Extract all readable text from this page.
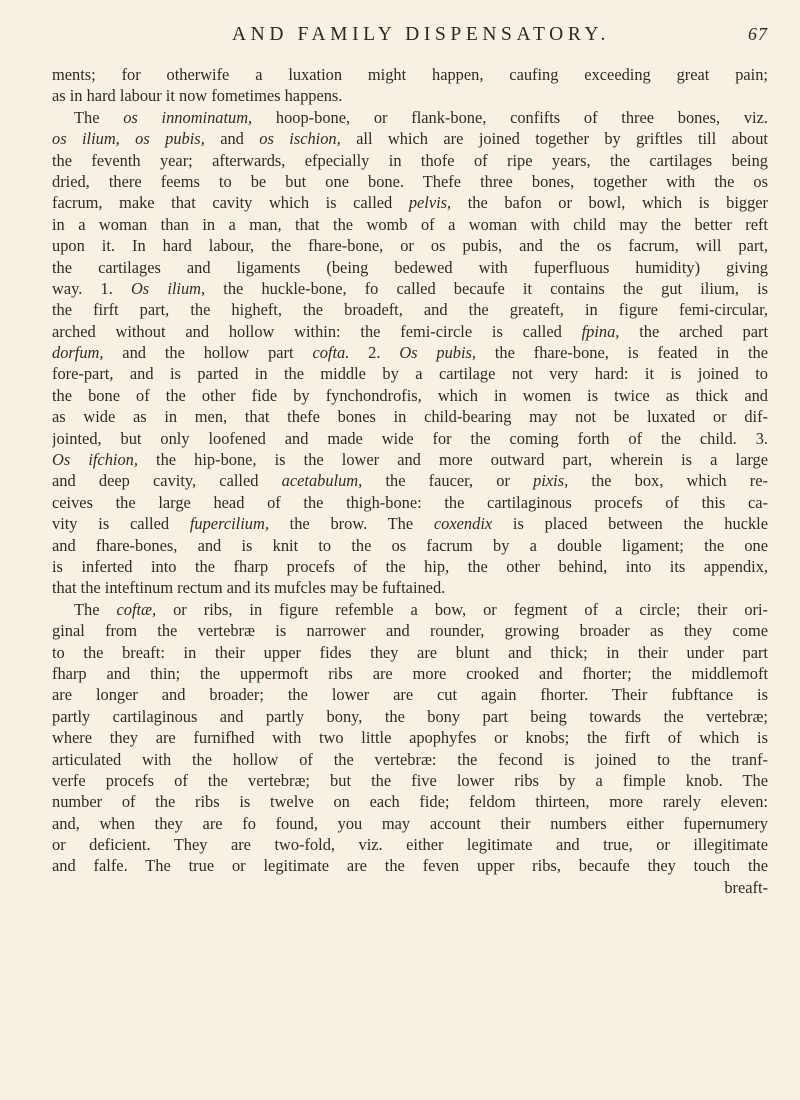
AND FAMILY DISPENSATORY.	67
ments; for otherwife a luxation might happen, caufing exceeding great pain;
as in hard labour it now fometimes happens.
The os innominatum, hoop-bone, or flank-bone, confifts of three bones, viz.
os ilium, os pubis, and os ischion, all which are joined together by griftles till about
the feventh year; afterwards, efpecially in thofe of ripe years, the cartilages being
dried, there feems to be but one bone. Thefe three bones, together with the os
facrum, make that cavity which is called pelvis, the bafon or bowl, which is bigger
in a woman than in a man, that the womb of a woman with child may the better reft
upon it. In hard labour, the fhare-bone, or os pubis, and the os facrum, will part,
the cartilages and ligaments (being bedewed with fuperfluous humidity) giving
way. 1. Os ilium, the huckle-bone, fo called becaufe it contains the gut ilium, is
the firft part, the higheft, the broadeft, and the greateft, in figure femi-circular,
arched without and hollow within: the femi-circle is called fpina, the arched part
dorfum, and the hollow part cofta. 2. Os pubis, the fhare-bone, is feated in the
fore-part, and is parted in the middle by a cartilage not very hard: it is joined to
the bone of the other fide by fynchondrofis, which in women is twice as thick and
as wide as in men, that thefe bones in child-bearing may not be luxated or dif-
jointed, but only loofened and made wide for the coming forth of the child. 3.
Os ifchion, the hip-bone, is the lower and more outward part, wherein is a large
and deep cavity, called acetabulum, the faucer, or pixis, the box, which re-
ceives the large head of the thigh-bone: the cartilaginous procefs of this ca-
vity is called fupercilium, the brow. The coxendix is placed between the huckle
and fhare-bones, and is knit to the os facrum by a double ligament; the one
is inferted into the fharp procefs of the hip, the other behind, into its appendix,
that the inteftinum rectum and its mufcles may be fuftained.
The coftæ, or ribs, in figure refemble a bow, or fegment of a circle; their ori-
ginal from the vertebræ is narrower and rounder, growing broader as they come
to the breaft: in their upper fides they are blunt and thick; in their under part
fharp and thin; the uppermoft ribs are more crooked and fhorter; the middlemoft
are longer and broader; the lower are cut again fhorter. Their fubftance is
partly cartilaginous and partly bony, the bony part being towards the vertebræ;
where they are furnifhed with two little apophyfes or knobs; the firft of which is
articulated with the hollow of the vertebræ: the fecond is joined to the tranf-
verfe procefs of the vertebræ; but the five lower ribs by a fimple knob. The
number of the ribs is twelve on each fide; feldom thirteen, more rarely eleven:
and, when they are fo found, you may account their numbers either fupernumery
or deficient. They are two-fold, viz. either legitimate and true, or illegitimate
and falfe. The true or legitimate are the feven upper ribs, becaufe they touch the
breaft-
